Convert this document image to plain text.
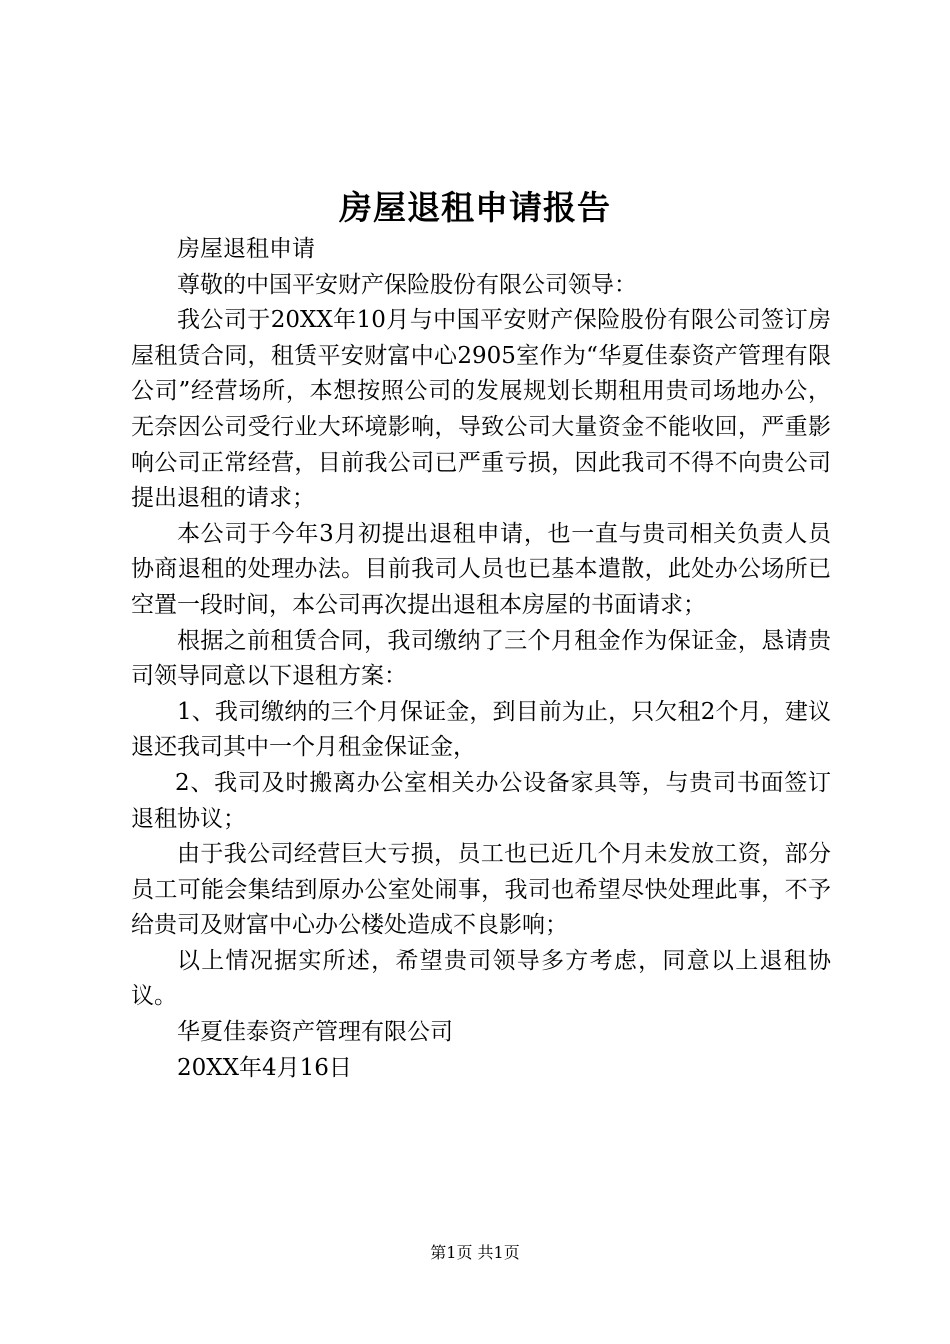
房屋退租申请报告

房屋退租申请

尊敬的中国平安财产保险股份有限公司领导：

我公司于20XX年10月与中国平安财产保险股份有限公司签订房屋租赁合同，租赁平安财富中心2905室作为“华夏佳泰资产管理有限公司”经营场所，本想按照公司的发展规划长期租用贵司场地办公，无奈因公司受行业大环境影响，导致公司大量资金不能收回，严重影响公司正常经营，目前我公司已严重亏损，因此我司不得不向贵公司提出退租的请求；

本公司于今年3月初提出退租申请，也一直与贵司相关负责人员协商退租的处理办法。目前我司人员也已基本遣散，此处办公场所已空置一段时间，本公司再次提出退租本房屋的书面请求；

根据之前租赁合同，我司缴纳了三个月租金作为保证金，恳请贵司领导同意以下退租方案：

1、我司缴纳的三个月保证金，到目前为止，只欠租2个月，建议退还我司其中一个月租金保证金，

2、我司及时搬离办公室相关办公设备家具等，与贵司书面签订退租协议；

由于我公司经营巨大亏损，员工也已近几个月未发放工资，部分员工可能会集结到原办公室处闹事，我司也希望尽快处理此事，不予给贵司及财富中心办公楼处造成不良影响；

以上情况据实所述，希望贵司领导多方考虑，同意以上退租协议。

华夏佳泰资产管理有限公司

20XX年4月16日

第1页 共1页
